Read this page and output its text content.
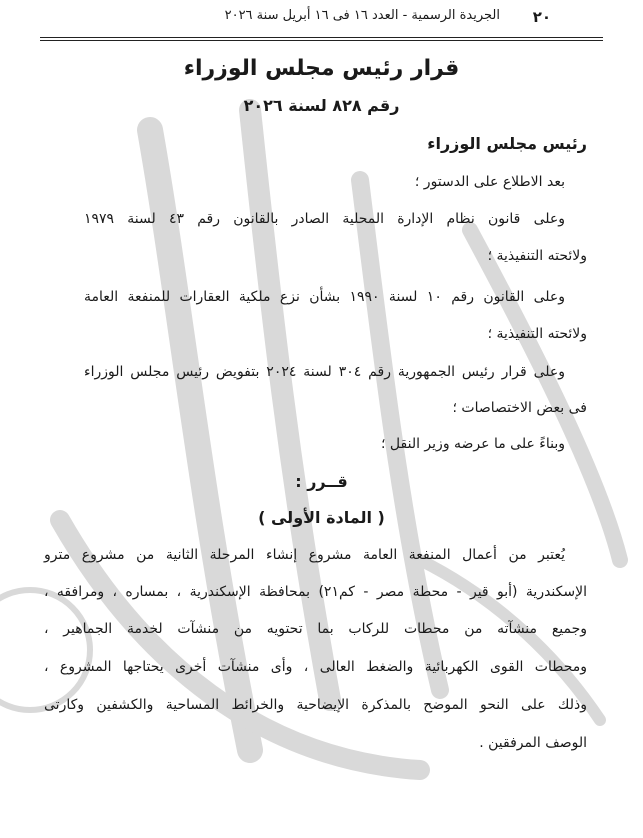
٢٠
الجريدة الرسمية - العدد ١٦ فى ١٦ أبريل سنة ٢٠٢٦
قرار رئيس مجلس الوزراء
رقم ٨٢٨ لسنة ٢٠٢٦
رئيس مجلس الوزراء
بعد الاطلاع على الدستور ؛
وعلى قانون نظام الإدارة المحلية الصادر بالقانون رقم ٤٣ لسنة ١٩٧٩
ولائحته التنفيذية ؛
وعلى القانون رقم ١٠ لسنة ١٩٩٠ بشأن نزع ملكية العقارات للمنفعة العامة
ولائحته التنفيذية ؛
وعلى قرار رئيس الجمهورية رقم ٣٠٤ لسنة ٢٠٢٤ بتفويض رئيس مجلس الوزراء
فى بعض الاختصاصات ؛
وبناءً على ما عرضه وزير النقل ؛
قــرر :
( المادة الأولى )
يُعتبر من أعمال المنفعة العامة مشروع إنشاء المرحلة الثانية من مشروع مترو
الإسكندرية (أبو قير - محطة مصر - كم٢١) بمحافظة الإسكندرية ، بمساره ، ومرافقه ،
وجميع منشآته من محطات للركاب بما تحتويه من منشآت لخدمة الجماهير ،
ومحطات القوى الكهربائية والضغط العالى ، وأى منشآت أخرى يحتاجها المشروع ،
وذلك على النحو الموضح بالمذكرة الإيضاحية والخرائط المساحية والكشفين وكارتى
الوصف المرفقين .
